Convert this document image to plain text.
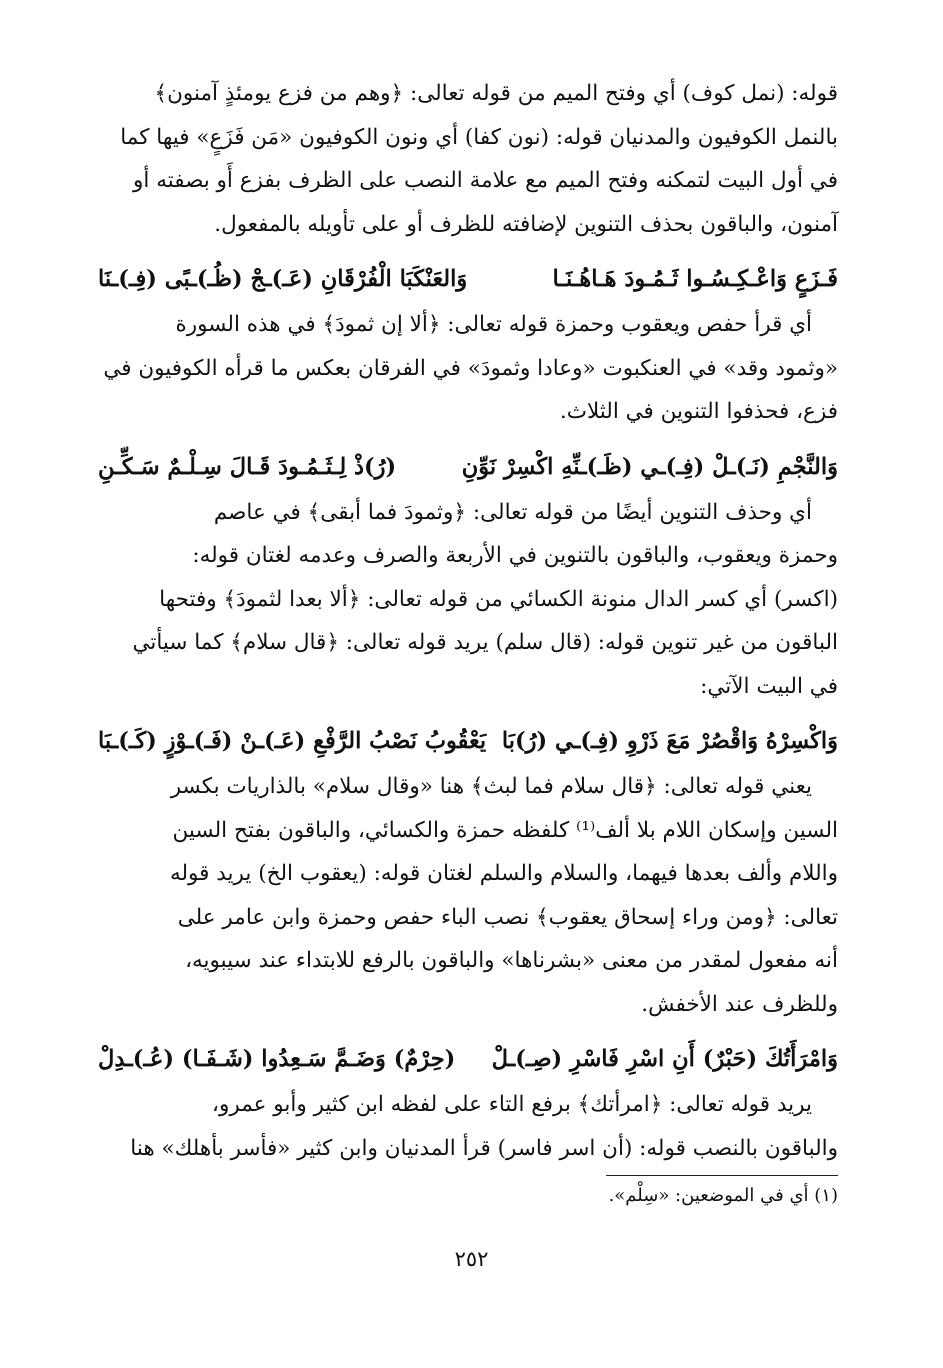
قوله: (نمل كوف) أي وفتح الميم من قوله تعالى: ﴿وهم من فزع يومئذٍ آمنون﴾
بالنمل الكوفيون والمدنيان قوله: (نون كفا) أي ونون الكوفيون «مَن فَزَعٍ» فيها كما
في أول البيت لتمكنه وفتح الميم مع علامة النصب على الظرف بفزع أَو بصفته أو
آمنون، والباقون بحذف التنوين لإضافته للظرف أو على تأويله بالمفعول.
فَـزَعٍ وَاعْـكِـسُـوا ثَـمُـودَ هَـاهُـنَـا
وَالعَنْكَبَا الْفُرْقَانِ (عَـ)ـجْ (ظُـ)ـبًى (فِـ)ـنَا
أي قرأ حفص ويعقوب وحمزة قوله تعالى: ﴿ألا إن ثمودَ﴾ في هذه السورة
«وثمود وقد» في العنكبوت «وعادا وثمودَ» في الفرقان بعكس ما قرأه الكوفيون في
فزع، فحذفوا التنوين في الثلاث.
وَالنَّجْمِ (نَـ)ـلْ (فِـ)ـي (ظَـ)ـنِّهِ اكْسِرْ نَوِّنِ
(رُ)ذْ لِـثَـمُـودَ قَـالَ سِـلْـمٌ سَـكِّـنِ
أي وحذف التنوين أيضًا من قوله تعالى: ﴿وثمودَ فما أبقى﴾ في عاصم
وحمزة ويعقوب، والباقون بالتنوين في الأربعة والصرف وعدمه لغتان قوله:
(اكسر) أي كسر الدال منونة الكسائي من قوله تعالى: ﴿ألا بعدا لثمودَ﴾ وفتحها
الباقون من غير تنوين قوله: (قال سلم) يريد قوله تعالى: ﴿قال سلام﴾ كما سيأتي
في البيت الآتي:
وَاكْسِرْهُ وَاقْصُرْ مَعَ ذَرْوِ (فِـ)ـي (رُ)بَا
يَعْقُوبُ نَصْبُ الرَّفْعِ (عَـ)ـنْ (فَـ)ـوْزٍ (كَـ)ـبَا
يعني قوله تعالى: ﴿قال سلام فما لبث﴾ هنا «وقال سلام» بالذاريات بكسر
السين وإسكان اللام بلا ألف⁽¹⁾ كلفظه حمزة والكسائي، والباقون بفتح السين
واللام وألف بعدها فيهما، والسلام والسلم لغتان قوله: (يعقوب الخ) يريد قوله
تعالى: ﴿ومن وراء إسحاق يعقوب﴾ نصب الباء حفص وحمزة وابن عامر على
أنه مفعول لمقدر من معنى «بشرناها» والباقون بالرفع للابتداء عند سيبويه،
وللظرف عند الأخفش.
وَامْرَأَتُكَ (حَبْرٌ) أَنِ اسْرِ فَاسْرِ (صِـ)ـلْ
(حِرْمٌ) وَضَـمَّ سَـعِدُوا (شَـفَـا) (عُـ)ـدِلْ
يريد قوله تعالى: ﴿امرأتك﴾ برفع التاء على لفظه ابن كثير وأبو عمرو،
والباقون بالنصب قوله: (أن اسر فاسر) قرأ المدنيان وابن كثير «فأسر بأهلك» هنا
(١) أي في الموضعين: «سِلْم».
٢٥٢
